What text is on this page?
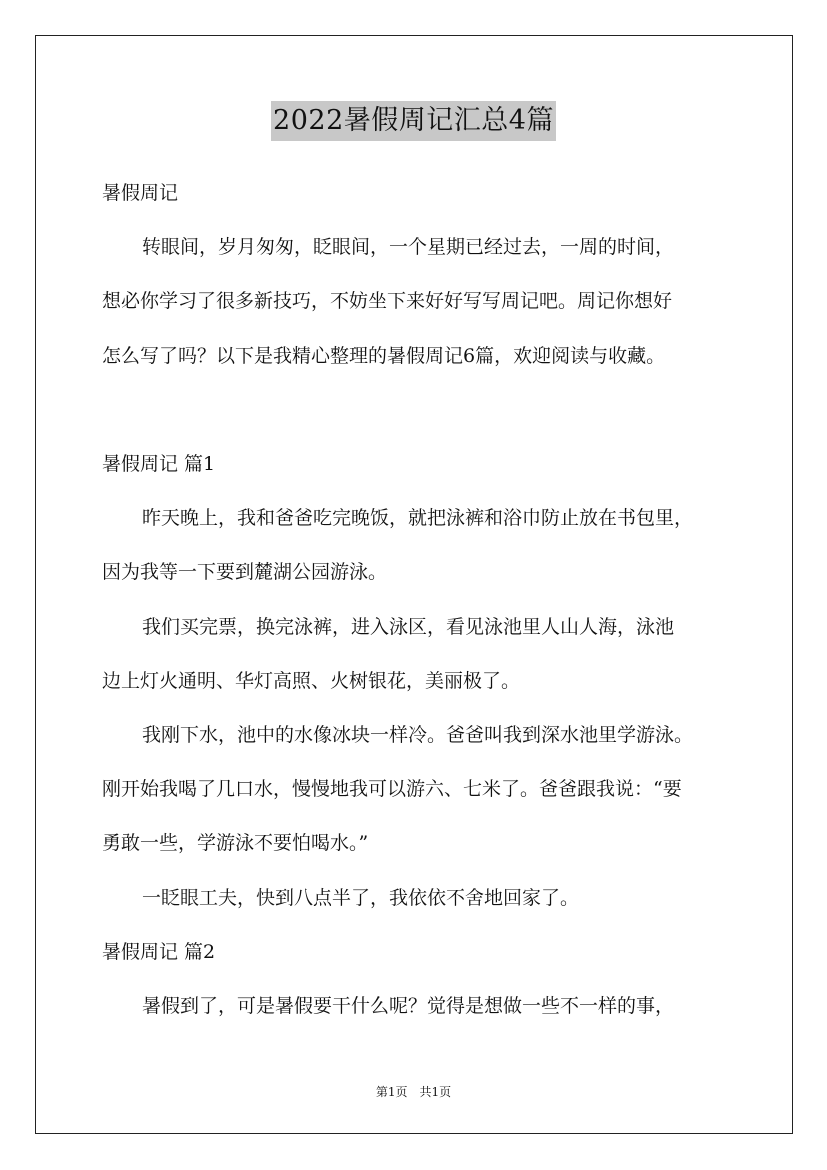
2022暑假周记汇总4篇
暑假周记
转眼间，岁月匆匆，眨眼间，一个星期已经过去，一周的时间，
想必你学习了很多新技巧，不妨坐下来好好写写周记吧。周记你想好
怎么写了吗？以下是我精心整理的暑假周记6篇，欢迎阅读与收藏。
暑假周记 篇1
昨天晚上，我和爸爸吃完晚饭，就把泳裤和浴巾防止放在书包里，
因为我等一下要到麓湖公园游泳。
我们买完票，换完泳裤，进入泳区，看见泳池里人山人海，泳池
边上灯火通明、华灯高照、火树银花，美丽极了。
我刚下水，池中的水像冰块一样冷。爸爸叫我到深水池里学游泳。
刚开始我喝了几口水，慢慢地我可以游六、七米了。爸爸跟我说：“要
勇敢一些，学游泳不要怕喝水。”
一眨眼工夫，快到八点半了，我依依不舍地回家了。
暑假周记 篇2
暑假到了，可是暑假要干什么呢？觉得是想做一些不一样的事，
第1页　共1页
